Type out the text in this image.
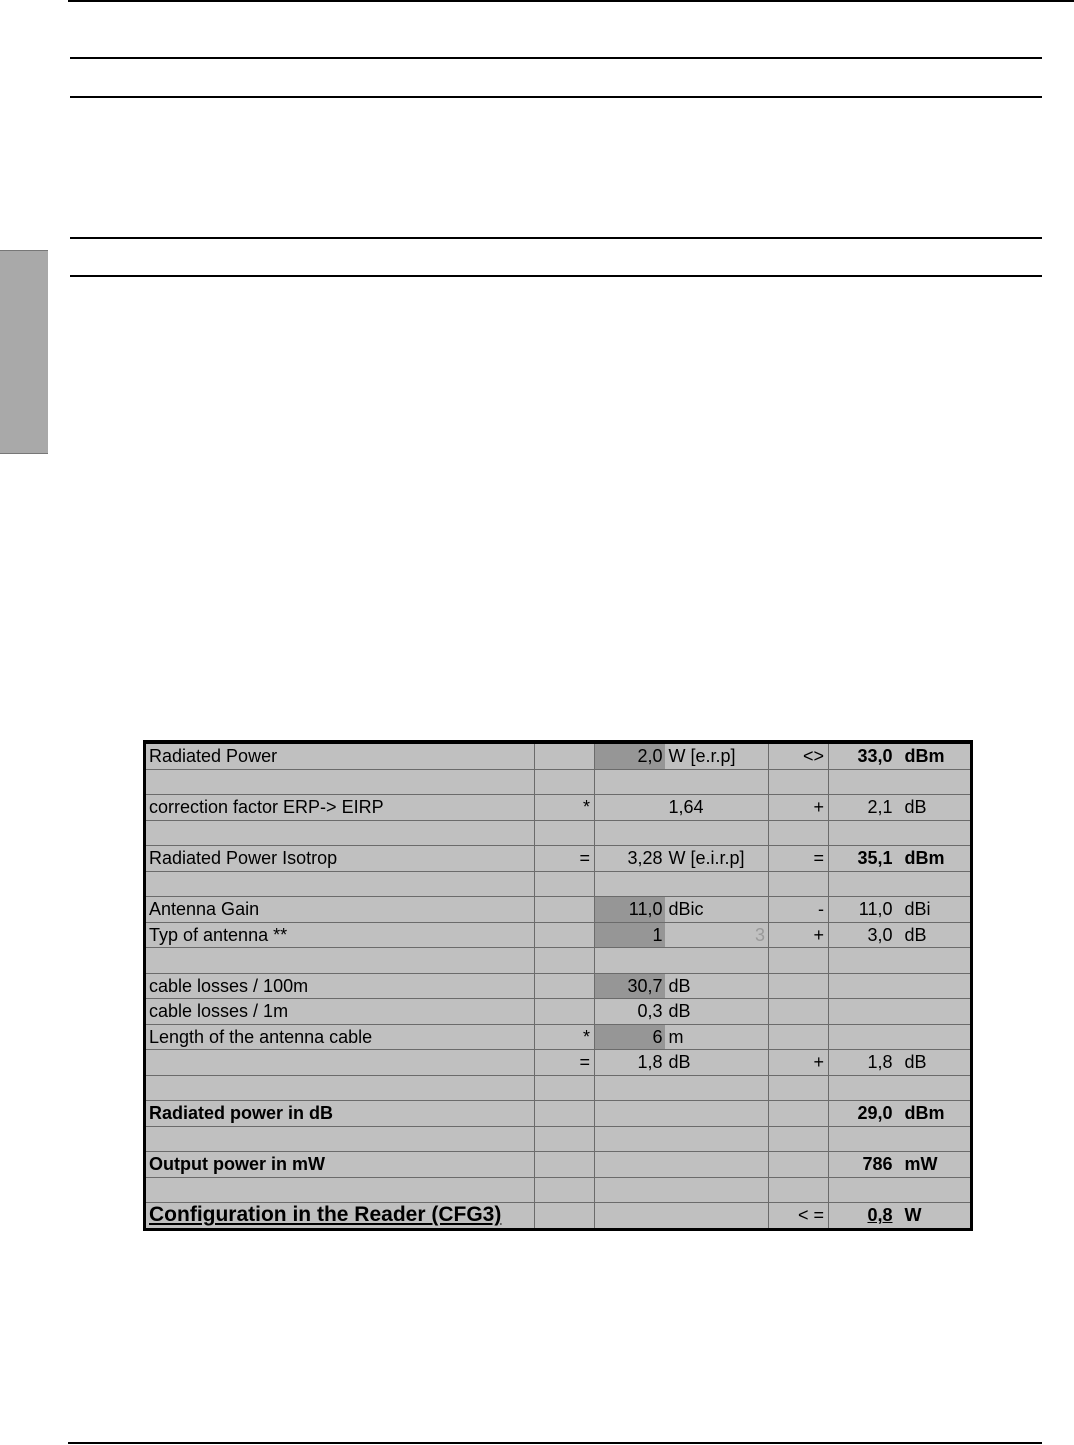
Radiated Power		2,0	W [e.r.p]	<>	33,0	dBm

correction factor ERP-> EIRP	*		1,64	+	2,1	dB

Radiated Power Isotrop	=	3,28	W [e.i.r.p]	=	35,1	dBm

Antenna Gain		11,0	dBic	-	11,0	dBi
Typ of antenna **		1	3	+	3,0	dB

cable losses / 100m		30,7	dB			
cable losses / 1m		0,3	dB			
Length of the antenna cable	*	6	m			
	=	1,8	dB	+	1,8	dB

Radiated power in dB					29,0	dBm

Output power in mW					786	mW

Configuration in the Reader (CFG3)				< =	0,8	W
